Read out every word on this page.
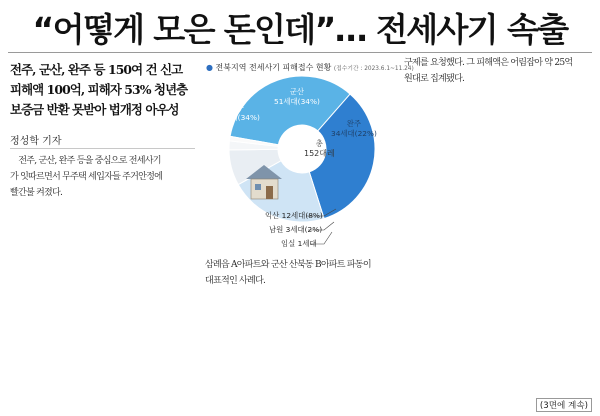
“어떻게 모은 돈인데”… 전세사기 속출
전주, 군산, 완주 등 150여 건 신고
피해액 100억, 피해자 53% 청년층
보증금 반환 못받아 법개정 아우성
정성학 기자
　전주, 군산, 완주 등을 중심으로 전세사기
가 잇따르면서 무주택 세입자들 주거안정에
빨간불 켜졌다.
● 전북지역 전세사기 피해접수 현황 (접수기간 : 2023.6.1~11.24)
전주
51세대(34%)
군산
51세대(34%)
완주
34세대(22%)
총
152대레
익산 12세대(8%)
남원 3세대(2%)
임실 1세대
삼례읍 A아파트와 군산 산북동 B아파트 파동이
대표적인 사례다.
구제를 요청했다. 그 피해액은 어림잡아 약 25억
원대로 집계됐다.
(3면에 계속)
